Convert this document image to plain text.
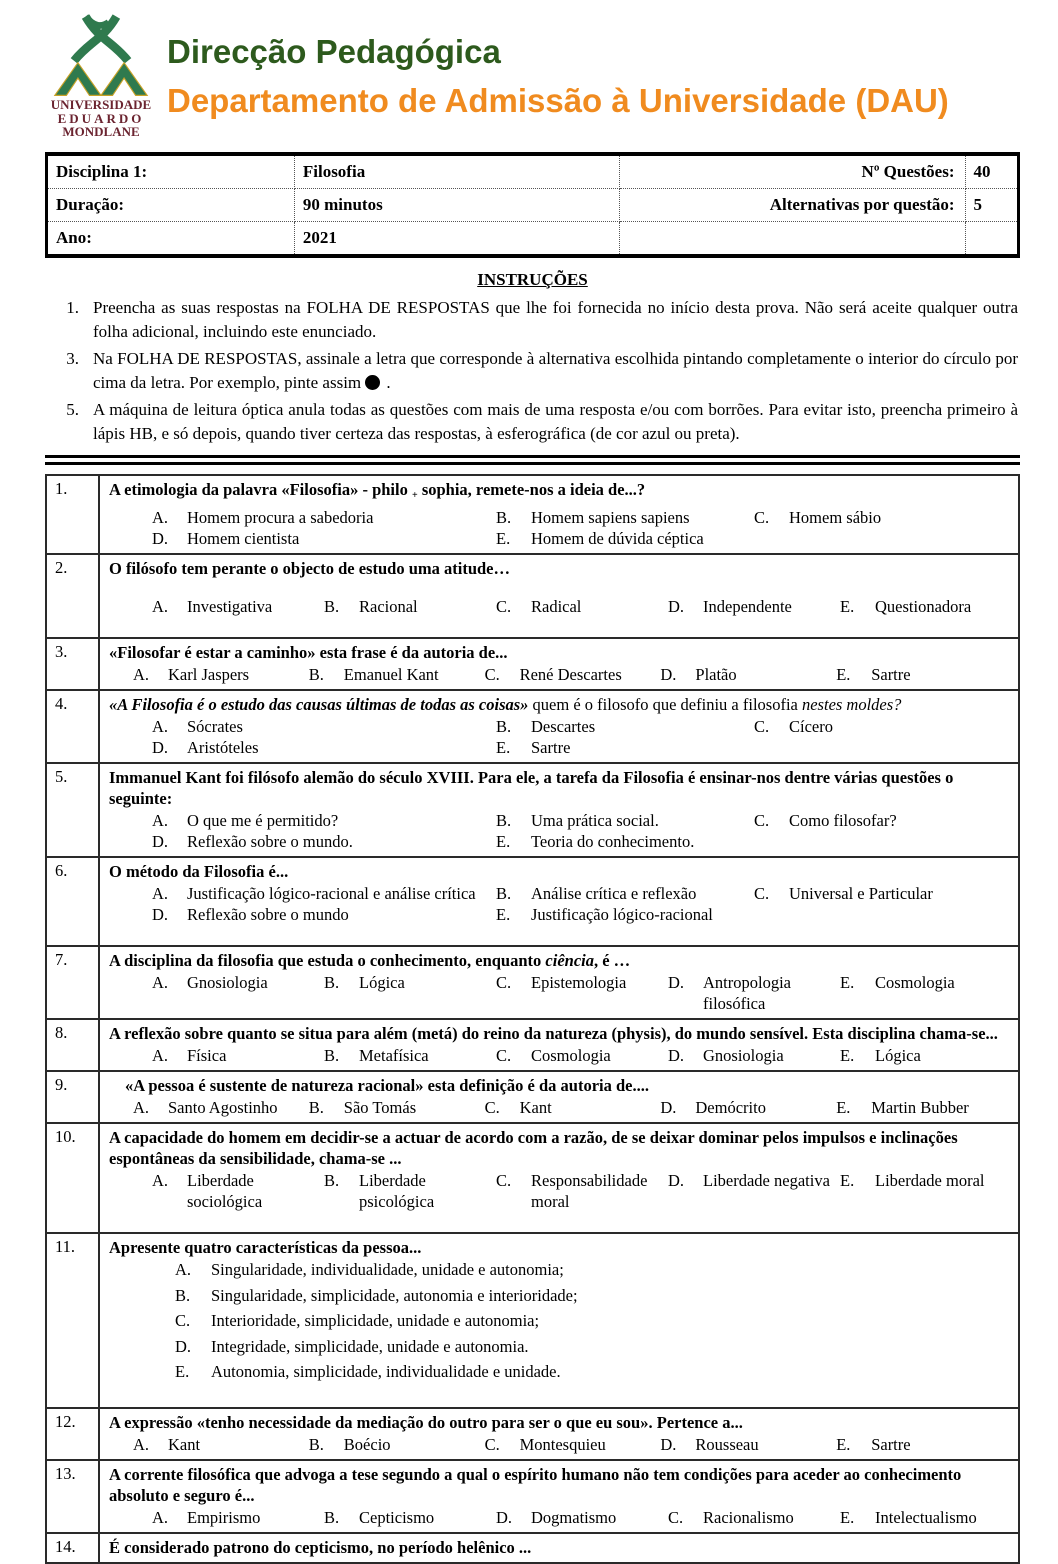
UNIVERSIDADE
EDUARDO
MONDLANE
Direcção Pedagógica
Departamento de Admissão à Universidade (DAU)
Disciplina 1:	Filosofia	Nº Questões:	40
Duração:	90 minutos	Alternativas por questão:	5
Ano:	2021		
INSTRUÇÕES
1. Preencha as suas respostas na FOLHA DE RESPOSTAS que lhe foi fornecida no início desta prova. Não será aceite qualquer outra folha adicional, incluindo este enunciado.
3. Na FOLHA DE RESPOSTAS, assinale a letra que corresponde à alternativa escolhida pintando completamente o interior do círculo por cima da letra. Por exemplo, pinte assim .
5. A máquina de leitura óptica anula todas as questões com mais de uma resposta e/ou com borrões. Para evitar isto, preencha primeiro à lápis HB, e só depois, quando tiver certeza das respostas, à esferográfica (de cor azul ou preta).
1.	A etimologia da palavra «Filosofia» - philo + sophia, remete-nos a ideia de...?
A.	Homem procura a sabedoria	B.	Homem sapiens sapiens	C.	Homem sábio
D.	Homem cientista	E.	Homem de dúvida céptica

2.	O filósofo tem perante o objecto de estudo uma atitude…
A.	Investigativa	B.	Racional	C.	Radical	D.	Independente	E.	Questionadora

3.	«Filosofar é estar a caminho» esta frase é da autoria de...
A.	Karl Jaspers	B.	Emanuel Kant	C.	René Descartes	D.	Platão	E.	Sartre

4.	«A Filosofia é o estudo das causas últimas de todas as coisas» quem é o filosofo que definiu a filosofia nestes moldes?
A.	Sócrates	B.	Descartes	C.	Cícero
D.	Aristóteles	E.	Sartre

5.	Immanuel Kant foi filósofo alemão do século XVIII. Para ele, a tarefa da Filosofia é ensinar-nos dentre várias questões o seguinte:
A.	O que me é permitido?	B.	Uma prática social.	C.	Como filosofar?
D.	Reflexão sobre o mundo.	E.	Teoria do conhecimento.

6.	O método da Filosofia é...
A.	Justificação lógico-racional e análise crítica	B.	Análise crítica e reflexão	C.	Universal e Particular
D.	Reflexão sobre o mundo	E.	Justificação lógico-racional

7.	A disciplina da filosofia que estuda o conhecimento, enquanto ciência, é …
A.	Gnosiologia	B.	Lógica	C.	Epistemologia	D.	Antropologia filosófica
E.	Cosmologia

8.	A reflexão sobre quanto se situa para além (metá) do reino da natureza (physis), do mundo sensível. Esta disciplina chama-se...
A.	Física	B.	Metafísica	C.	Cosmologia	D.	Gnosiologia	E.	Lógica

9.	«A pessoa é sustente de natureza racional» esta definição é da autoria de....
A.	Santo Agostinho	B.	São Tomás	C.	Kant	D.	Demócrito	E.	Martin Bubber

10.	A capacidade do homem em decidir-se a actuar de acordo com a razão, de se deixar dominar pelos impulsos e inclinações espontâneas da sensibilidade, chama-se ...
A.	Liberdade sociológica
B.	Liberdade psicológica
C.	Responsabilidade moral
D.	Liberdade negativa E.	Liberdade moral

11.	Apresente quatro características da pessoa...
A. Singularidade, individualidade, unidade e autonomia;
B. Singularidade, simplicidade, autonomia e interioridade;
C. Interioridade, simplicidade, unidade e autonomia;
D. Integridade, simplicidade, unidade e autonomia.
E.	Autonomia, simplicidade, individualidade e unidade.

12.	A expressão «tenho necessidade da mediação do outro para ser o que eu sou». Pertence a...
A.	Kant	B.	Boécio	C.	Montesquieu	D.	Rousseau	E.	Sartre

13.	A corrente filosófica que advoga a tese segundo a qual o espírito humano não tem condições para aceder ao conhecimento absoluto e seguro é...
A.	Empirismo	B.	Cepticismo	D.	Dogmatismo	C.	Racionalismo	E.	Intelectualismo

14.	É considerado patrono do cepticismo, no período helênico ...
